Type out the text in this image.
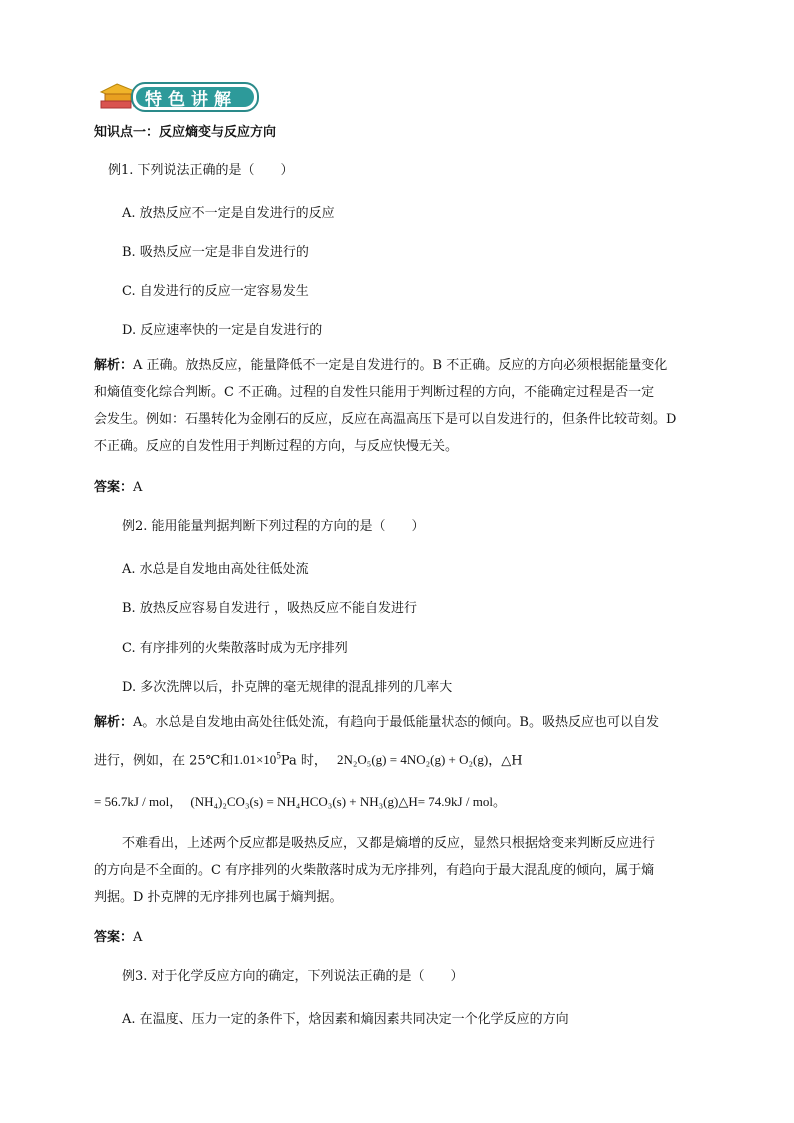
特色讲解
知识点一：反应熵变与反应方向
例1. 下列说法正确的是（　　）
A. 放热反应不一定是自发进行的反应
B. 吸热反应一定是非自发进行的
C. 自发进行的反应一定容易发生
D. 反应速率快的一定是自发进行的
解析：A 正确。放热反应，能量降低不一定是自发进行的。B 不正确。反应的方向必须根据能量变化
和熵值变化综合判断。C 不正确。过程的自发性只能用于判断过程的方向，不能确定过程是否一定
会发生。例如：石墨转化为金刚石的反应，反应在高温高压下是可以自发进行的，但条件比较苛刻。D
不正确。反应的自发性用于判断过程的方向，与反应快慢无关。
答案：A
例2. 能用能量判据判断下列过程的方向的是（　　）
A. 水总是自发地由高处往低处流
B. 放热反应容易自发进行 ，吸热反应不能自发进行
C. 有序排列的火柴散落时成为无序排列
D. 多次洗牌以后，扑克牌的毫无规律的混乱排列的几率大
解析：A。水总是自发地由高处往低处流，有趋向于最低能量状态的倾向。B。吸热反应也可以自发
进行，例如，在 25℃和$1.01\times 10^5Pa$ 时， 2N₂O₅(g) = 4NO₂(g) + O₂(g)，△H
= 56.7kJ / mol， (NH₄)₂CO₃(s) = NH₄HCO₃(s) + NH₃(g)△H= 74.9kJ / mol。
不难看出，上述两个反应都是吸热反应，又都是熵增的反应，显然只根据焓变来判断反应进行
的方向是不全面的。C 有序排列的火柴散落时成为无序排列，有趋向于最大混乱度的倾向，属于熵
判据。D 扑克牌的无序排列也属于熵判据。
答案：A
例3. 对于化学反应方向的确定，下列说法正确的是（　　）
A. 在温度、压力一定的条件下，焓因素和熵因素共同决定一个化学反应的方向
